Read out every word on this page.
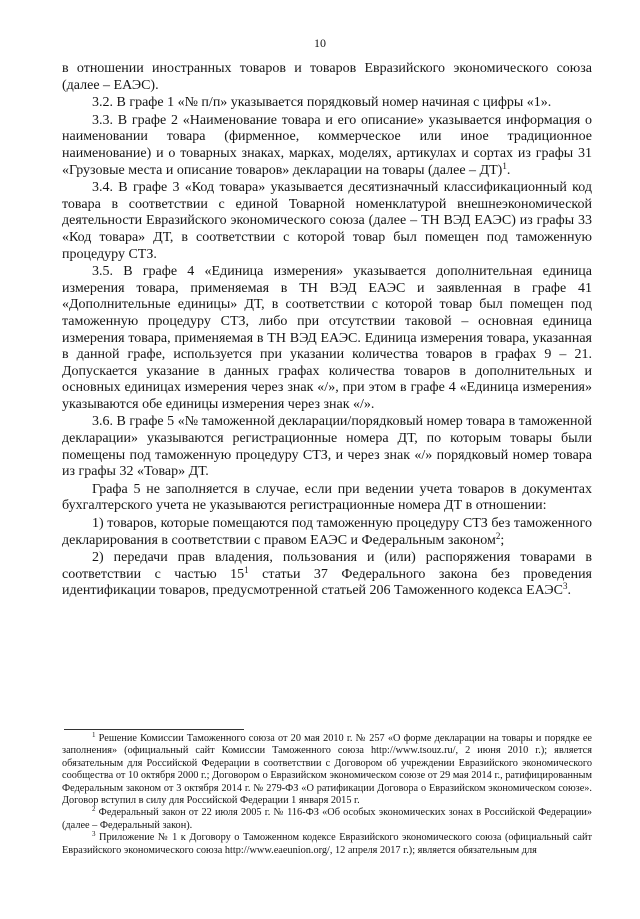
10

в отношении иностранных товаров и товаров Евразийского экономического союза (далее – ЕАЭС).

3.2. В графе 1 «№ п/п» указывается порядковый номер начиная с цифры «1».

3.3. В графе 2 «Наименование товара и его описание» указывается информация о наименовании товара (фирменное, коммерческое или иное традиционное наименование) и о товарных знаках, марках, моделях, артикулах и сортах из графы 31 «Грузовые места и описание товаров» декларации на товары (далее – ДТ)$^1$.

3.4. В графе 3 «Код товара» указывается десятизначный классификационный код товара в соответствии с единой Товарной номенклатурой внешнеэкономической деятельности Евразийского экономического союза (далее – ТН ВЭД ЕАЭС) из графы 33 «Код товара» ДТ, в соответствии с которой товар был помещен под таможенную процедуру СТЗ.

3.5. В графе 4 «Единица измерения» указывается дополнительная единица измерения товара, применяемая в ТН ВЭД ЕАЭС и заявленная в графе 41 «Дополнительные единицы» ДТ, в соответствии с которой товар был помещен под таможенную процедуру СТЗ, либо при отсутствии таковой – основная единица измерения товара, применяемая в ТН ВЭД ЕАЭС. Единица измерения товара, указанная в данной графе, используется при указании количества товаров в графах 9 – 21. Допускается указание в данных графах количества товаров в дополнительных и основных единицах измерения через знак «/», при этом в графе 4 «Единица измерения» указываются обе единицы измерения через знак «/».

3.6. В графе 5 «№ таможенной декларации/порядковый номер товара в таможенной декларации» указываются регистрационные номера ДТ, по которым товары были помещены под таможенную процедуру СТЗ, и через знак «/» порядковый номер товара из графы 32 «Товар» ДТ.

Графа 5 не заполняется в случае, если при ведении учета товаров в документах бухгалтерского учета не указываются регистрационные номера ДТ в отношении:

1) товаров, которые помещаются под таможенную процедуру СТЗ без таможенного декларирования в соответствии с правом ЕАЭС и Федеральным законом$^2$;

2) передачи прав владения, пользования и (или) распоряжения товарами в соответствии с частью 15$^1$ статьи 37 Федерального закона без проведения идентификации товаров, предусмотренной статьей 206 Таможенного кодекса ЕАЭС$^3$.

$^1$ Решение Комиссии Таможенного союза от 20 мая 2010 г. № 257 «О форме декларации на товары и порядке ее заполнения» (официальный сайт Комиссии Таможенного союза http://www.tsouz.ru/, 2 июня 2010 г.); является обязательным для Российской Федерации в соответствии с Договором об учреждении Евразийского экономического сообщества от 10 октября 2000 г.; Договором о Евразийском экономическом союзе от 29 мая 2014 г., ратифицированным Федеральным законом от 3 октября 2014 г. № 279-ФЗ «О ратификации Договора о Евразийском экономическом союзе». Договор вступил в силу для Российской Федерации 1 января 2015 г.

$^2$ Федеральный закон от 22 июля 2005 г. № 116-ФЗ «Об особых экономических зонах в Российской Федерации» (далее – Федеральный закон).

$^3$ Приложение № 1 к Договору о Таможенном кодексе Евразийского экономического союза (официальный сайт Евразийского экономического союза http://www.eaeunion.org/, 12 апреля 2017 г.); является обязательным для
